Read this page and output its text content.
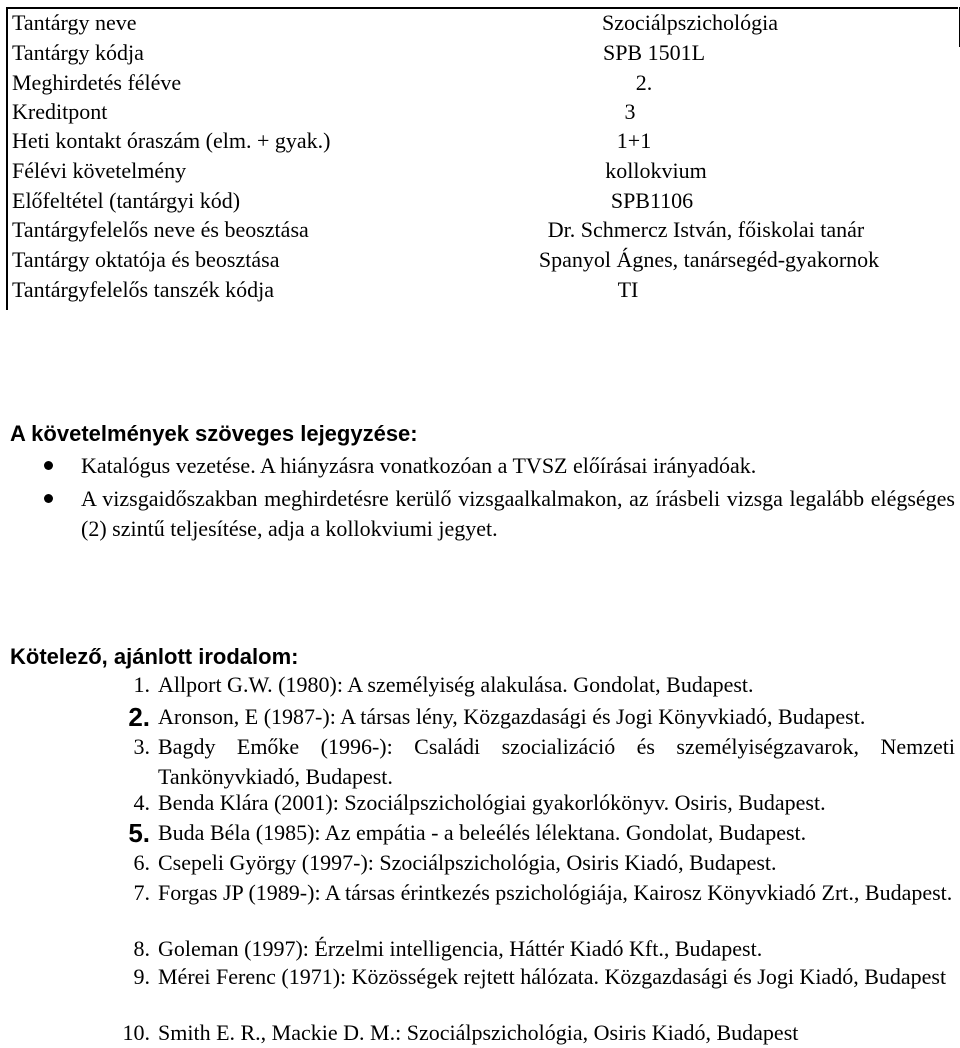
Tantárgy neve	Szociálpszichológia
Tantárgy kódja	SPB 1501L
Meghirdetés féléve	2.
Kreditpont	3
Heti kontakt óraszám (elm. + gyak.)	1+1
Félévi követelmény	kollokvium
Előfeltétel (tantárgyi kód)	SPB1106
Tantárgyfelelős neve és beosztása	Dr. Schmercz István, főiskolai tanár
Tantárgy oktatója és beosztása	Spanyol Ágnes, tanársegéd-gyakornok
Tantárgyfelelős tanszék kódja	TI
A követelmények szöveges lejegyzése:
Katalógus vezetése. A hiányzásra vonatkozóan a TVSZ előírásai irányadóak.
A vizsgaidőszakban meghirdetésre kerülő vizsgaalkalmakon, az írásbeli vizsga legalább elégséges (2) szintű teljesítése, adja a kollokviumi jegyet.
Kötelező, ajánlott irodalom:
1. Allport G.W. (1980): A személyiség alakulása. Gondolat, Budapest.
2. Aronson, E (1987-): A társas lény, Közgazdasági és Jogi Könyvkiadó, Budapest.
3. Bagdy Emőke (1996-): Családi szocializáció és személyiségzavarok, Nemzeti Tankönyvkiadó, Budapest.
4. Benda Klára (2001): Szociálpszichológiai gyakorlókönyv. Osiris, Budapest.
5. Buda Béla (1985): Az empátia - a beleélés lélektana. Gondolat, Budapest.
6. Csepeli György (1997-): Szociálpszichológia, Osiris Kiadó, Budapest.
7. Forgas JP (1989-): A társas érintkezés pszichológiája, Kairosz Könyvkiadó Zrt., Budapest.
8. Goleman (1997): Érzelmi intelligencia, Háttér Kiadó Kft., Budapest.
9. Mérei Ferenc (1971): Közösségek rejtett hálózata. Közgazdasági és Jogi Kiadó, Budapest
10. Smith E. R., Mackie D. M.: Szociálpszichológia, Osiris Kiadó, Budapest
